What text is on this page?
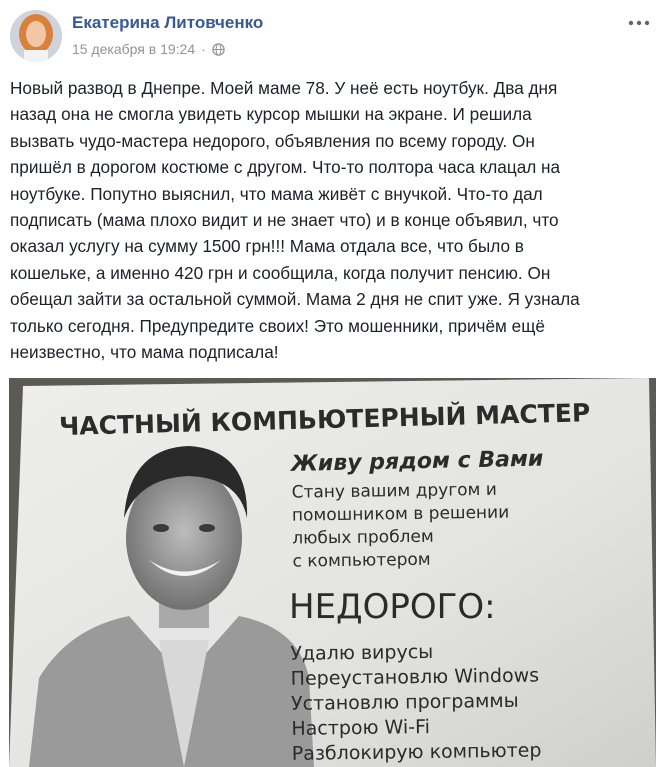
Екатерина Литовченко
15 декабря в 19:24 ·
Новый развод в Днепре. Моей маме 78. У неё есть ноутбук. Два дня
назад она не смогла увидеть курсор мышки на экране. И решила
вызвать чудо-мастера недорого, объявления по всему городу. Он
пришёл в дорогом костюме с другом. Что-то полтора часа клацал на
ноутбуке. Попутно выяснил, что мама живёт с внучкой. Что-то дал
подписать (мама плохо видит и не знает что) и в конце объявил, что
оказал услугу на сумму 1500 грн!!! Мама отдала все, что было в
кошельке, а именно 420 грн и сообщила, когда получит пенсию. Он
обещал зайти за остальной суммой. Мама 2 дня не спит уже. Я узнала
только сегодня. Предупредите своих! Это мошенники, причём ещё
неизвестно, что мама подписала!
ЧАСТНЫЙ КОМПЬЮТЕРНЫЙ МАСТЕР
Живу рядом с Вами
Стану вашим другом и
помошником в решении
любых проблем
с компьютером
НЕДОРОГО:
Удалю вирусы
Переустановлю Windows
Установлю программы
Настрою Wi-Fi
Разблокирую компьютер
